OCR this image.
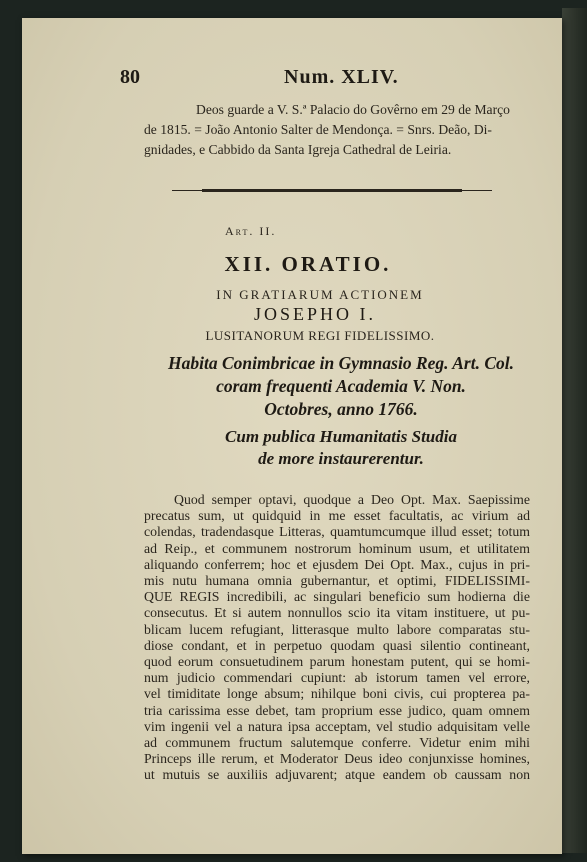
80	Num. XLIV.

Deos guarde a V. S.ª Palacio do Govêrno em 29 de Março

de 1815. = João Antonio Salter de Mendonça. = Snrs. Deão, Di-
gnidades, e Cabbido da Santa Igreja Cathedral de Leiria.
Art. II.
XII. ORATIO.
IN GRATIARUM ACTIONEM
JOSEPHO I.
LUSITANORUM REGI FIDELISSIMO.
Habita Conimbricae in Gymnasio Reg. Art. Col.
coram frequenti Academia V. Non.
Octobres, anno 1766.
Cum publica Humanitatis Studia
de more instaurerentur.
Quod semper optavi, quodque a Deo Opt. Max. Saepissime
precatus sum, ut quidquid in me esset facultatis, ac virium ad
colendas, tradendasque Litteras, quamtumcumque illud esset; totum
ad Reip., et communem nostrorum hominum usum, et utilitatem
aliquando conferrem; hoc et ejusdem Dei Opt. Max., cujus in pri-
mis nutu humana omnia gubernantur, et optimi, FIDELISSIMI-
QUE REGIS incredibili, ac singulari beneficio sum hodierna die
consecutus. Et si autem nonnullos scio ita vitam instituere, ut pu-
blicam lucem refugiant, litterasque multo labore comparatas stu-
diose condant, et in perpetuo quodam quasi silentio contineant,
quod eorum consuetudinem parum honestam putent, qui se homi-
num judicio commendari cupiunt: ab istorum tamen vel errore,
vel timiditate longe absum; nihilque boni civis, cui propterea pa-
tria carissima esse debet, tam proprium esse judico, quam omnem
vim ingenii vel a natura ipsa acceptam, vel studio adquisitam velle
ad communem fructum salutemque conferre. Videtur enim mihi
Princeps ille rerum, et Moderator Deus ideo conjunxisse homines,
ut mutuis se auxiliis adjuvarent; atque eandem ob caussam non
